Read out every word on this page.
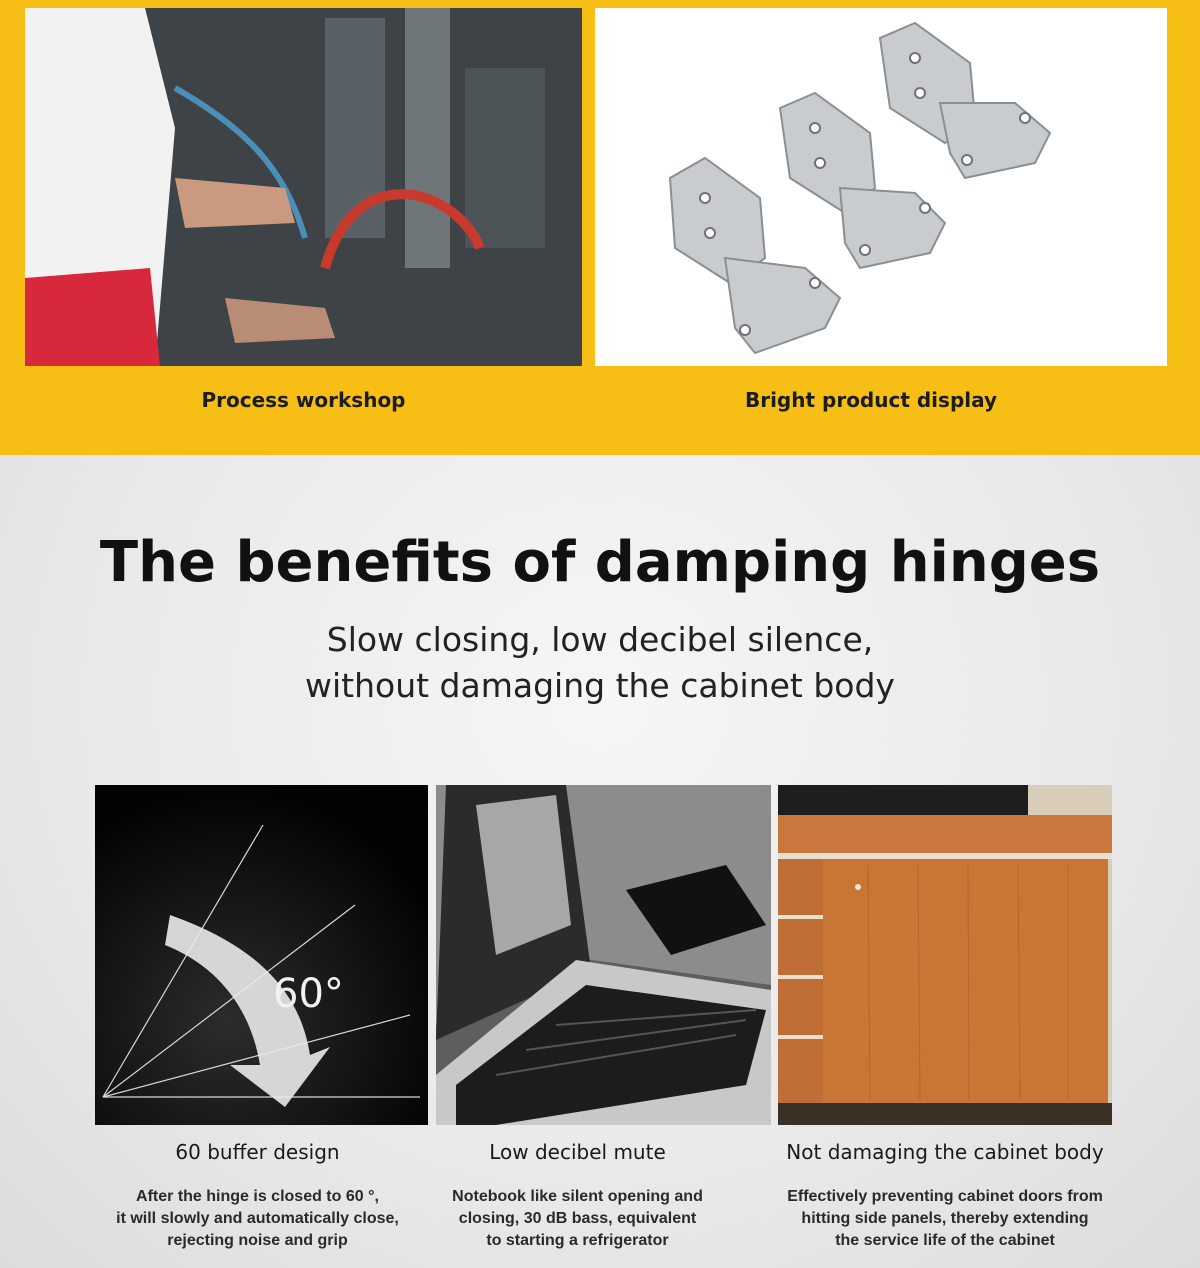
Process workshop	Bright product display
The benefits of damping hinges
Slow closing, low decibel silence,
without damaging the cabinet body
60°
60 buffer design	Low decibel mute	Not damaging the cabinet body
After the hinge is closed to 60 °,
it will slowly and automatically close,
rejecting noise and grip
Notebook like silent opening and
closing, 30 dB bass, equivalent
to starting a refrigerator
Effectively preventing cabinet doors from
hitting side panels, thereby extending
the service life of the cabinet
